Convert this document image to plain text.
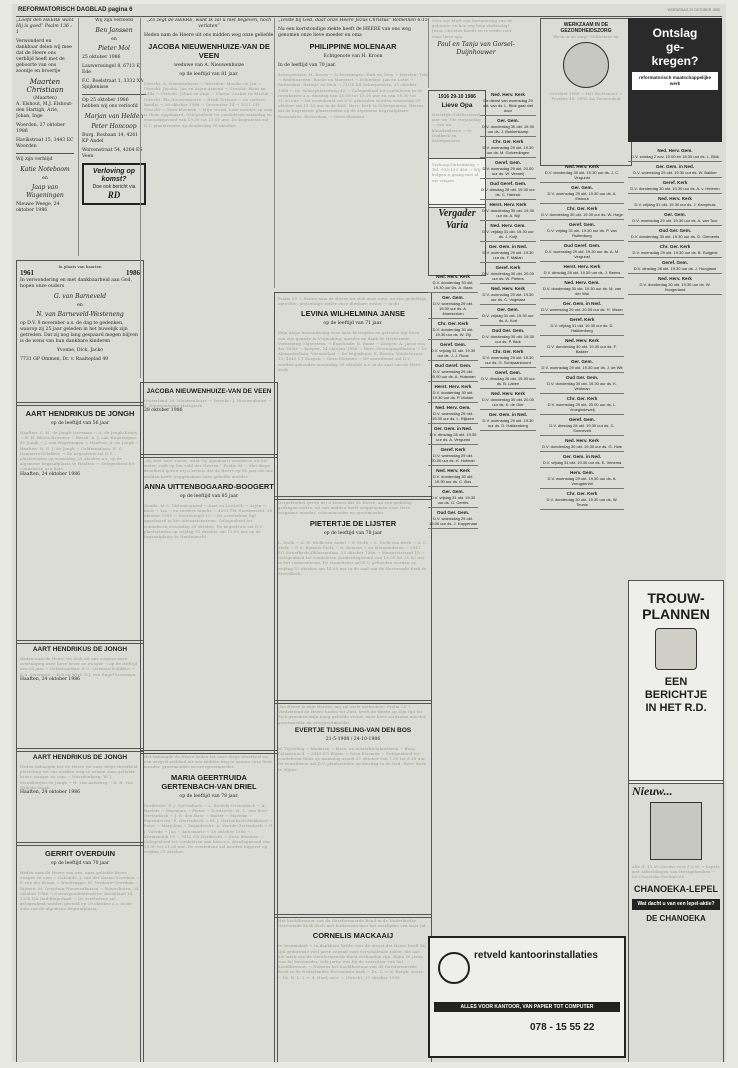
REFORMATORISCH DAGBLAD pagina 6	WOENSDAG 29 OKTOBER 1986

„Loofd den HEERE want Hij is goed” Psalm 136 : 1

Verwonderd en dankbaar delen wij mee dat de Heere ons verblijd heeft met de geboorte van ons zoontje en broertje

Maarten Christiaan
(Maarten)

A. Elshout, M.J. Elshout-den Hartigh, Arie, Johan, Inge

Woerden, 27 oktober 1986

Havikstraat 15, 3443 EC Woerden

Wij zijn verblijd

Katie Noteboom
en
Jaap van Wageningen

Nieuwe Weege, 24 oktober 1986

Wij zijn verloofd

Ben Janssen
en
Pieter Mol

25 oktober 1986

Lauwerssingel 8, 6713 EJ Ede

F.C. Boelstraat 1, 3332 XA Spijkenisse

Op 25 oktober 1986 hebben wij ons verloofd

Marjan van Helden
Peter Honcoop

Burg. Bosbaan 14, 4261 KP Andel

Wolvenstraat 54, 4264 ES Veen

Verloving op komst?
Doe ook bericht via
RD
In plaats van kaarten
1961	1986

In verwondering en met dankbaarheid aan God, hopen onze ouders

G. van Barneveld
en
N. van Barneveld-Westeneng

op D.V. 8 november a.s. de dag te gedenken, waarop zij 25 jaar geleden in het huwelijk zijn getreden. Dat zij nog lang gespaard mogen blijven is de wens van hun dankbare kinderen

Yvonne, Dick, Jacko

7731 GP Ommen, Dr. v. Raalteplad 49

AART HENDRIKUS DE JONGH

op de leeftijd van 56 jaar

Haaften: C. M. de Jongh-Liverman ¬ A. de Jongh-Kruijs ¬ R. H. Bloem-Brouwer ¬ Beesd: A. J. van Wageningen-de Jongh ¬ J. van Wageningen ¬ Haaften: A. de Jongh ¬ Haaften: W. G. J. de Jongh ¬ Geldermalsen: E. G. Dammers-Schiffers ¬ De begrafenis zal D.V. plaatsvinden op woensdag 29 oktober a.s. op de algemene begraafplaats te Haaften ¬ Gelegenheid tot condoleren aan huis.

Haaften, 24 oktober 1986

AART HENDRIKUS DE JONGH
Heden nam de Heere tot Zich uit ons volgens onze overtuiging onze lieve broer en zwager ¬ op de leeftijd van 56 jaar ¬ Geldermalsen: E.G. Liveman-Schiffers ¬ D.A. Liverman ¬ Eck en Wiel: D.J. van Engel-Liverman.

Haaften, 24 oktober 1986

AART HENDRIKUS DE JONGH
Heden behaagde het de Heere tot onze diepe droefheid plotseling wit ons midden weg te nemen onze geliefde broer, zwager en oom ¬ Waardenburg: W. J. Steenbergen-de Jongh ¬ H. van Aalsburg ¬ A. H. van Wijk-de Jongh.

Haaften, 24 oktober 1986

GERRIT OVERDUIN

op de leeftijd van 70 jaar

Heden nam de Heere van ons, onze geliefde broer, zwager en oom ¬ Catsinde: J. van der Kraan-Overduin ¬ P. van der Kraan ¬ Woubrugge: M. Verdouw-Overduin ¬ Rijssen: M. Overduin-Nieuwenhuizen ¬ Voorschoten, 24 oktober 1986 ¬ Correspondentieadres: Broekland 14, 3358 NA Oud-Beijerland ¬ De overledene zal gelegenheid worden gesteld op 29 oktober a.s. in de aula van de algemene begraafplaats.

„Zo zegt de HEERE, want Ik zal u niet begeven, noch verlaten”

Heden nam de Heere uit ons midden weg onze geliefde

JACOBA NIEUWENHUIZE-VAN DE VEEN

weduwe van A. Nieuwenhuize

op de leeftijd van 81 jaar.

Utrecht: A. Nieuwenhuize ¬ Woerden: Maaike en Jan ¬ Utrecht: Jacoba, Jan en Arjen-Arnoud ¬ Utrecht: Wout en Adda ¬ Utrecht: Johan en Anje ¬ Vlaren: Loekie en Martin ¬ Utrecht: Els Nieuwenhuize ¬ Henk Torlouw ¬ en verdere familie ¬ 26 oktober 1986 ¬ Overwater 14 ¬ 3521 CH Utrecht ¬ Geen bloemen ¬ Mijn vrouw, onze moeder en oma is thuis opgebaard. Gelegenheid tot condoleren maandag en woensdagavond van 19.30 tot 21.00 uur. De begrafenis zal D.V. plaatsvinden op donderdag 30 oktober.
JACOBA NIEUWENHUIZE-VAN DE VEEN
Oosterland: M. Nieuwenhuize ¬ Yerseke: J. Nieuwenhuize ¬ T. Nieuwenhuize-Mattijssen

28 oktober 1986

„Zij zeet hare zonen; want Gij openbaart wonderen uit het water; rijdt op het veld des Heeren.” Psalm 98 ¬ Met diepe droefheid geven wij u kennis dat de Heere op 85 jaar uit ons midden heeft weggenomen onze geliefde moeder.
ANNA UITTENBOGAARD-BOOGERT

op de leeftijd van 85 jaar

Gouda: M.C. Uittenbogaard ¬ Aart en Liesbeth ¬ Arjen ¬ Roos ¬ Lia ¬ en verdere familie ¬ 4201 PM Hardinxveld, 26 oktober 1986 ¬ Noordsingel 12 ¬ De overledene ligt opgebaard in het uitvaartcentrum. Gelegenheid tot condoleren woensdag 29 oktober. De begrafenis zal D.V. plaatsvinden op vrijdag 31 oktober om 11.00 uur op de begraafplaats te Hardinxveld.
Het behaagde de Heere heden tot onze diepe droefheid na een zorgvol ziekbed uit ons midden weg te nemen onze lieve moeder, grootmoeder en overgrootmoeder.
MARIA GEERTRUIDA GERTENBACH-VAN DRIEL

op de leeftijd van 78 jaar.

Dordrecht: P. J. Gertenbach ¬ L. Roelofs-Gertenbach ¬ A. Roelofs ¬ Marianne ¬ Pieter ¬ Dordrecht: M. C. den Boer-Gertenbach ¬ J. G. den Boer ¬ Walter ¬ Marieke ¬ Papendrecht: E. Gertenbach ¬ M. J. Gertenbach-Makkinen ¬ Peter ¬ Marjolein ¬ Zwijndrecht: A. Voerde-Gertenbach ¬ H. J. Voerde ¬ Jan ¬ Annemarie ¬ 26 oktober 1986 ¬ Kromandijk 19 ¬ 3312 CD Dordrecht ¬ Geen bloemen ¬ Gelegenheid tot condoleren aan huis a.s. dinsdagavond van 19.30 tot 21.00 uur. De overledene zal worden bijgezet op vrijdag 31 oktober.

„Tevde bij God, daar onze Heere Jezus Christus” Romeinen 6:15

Na een kortstondige ziekte heeft de HEERE van ons weg genomen onze lieve moeder en oma

PHILIPPINE MOLENAAR

Echtgenote van H. Kroon

In de leeftijd van 70 jaar.

Scherpenisse: H. Kroon ¬ Scheveningen: Dirk en Trea ¬ Heerlen: Tom ¬ Waddinxveen: Roelie en Margriet ¬ Schiedam: Jan en Lotte ¬ Rotterdam: Heintje en Dick ¬ 21/26 XX Scherpenisse, 25 oktober 1986 ¬ Dr. Scherpenisseweg 40 ¬ Gelegenheid tot condoleren in de rouwkamer a.s. dinsdag van 14.00 tot 15.00 uur en van 19.30 tot 21.00 uur ¬ De rouwdienst zal D.V. gehouden worden woensdag 29 oktober om 13.30 uur in de Ned. Herv. Kerk te Scherpenisse. Hierna zal de begrafenis plaatsvinden op de algemene begraafplaats. Rouwadres: Rotterdam. ¬ Geen bloemen.
Psalm 50 ¬ Heden nam de Heere tot zich onze enig, na een geduldige, oprechte, plotselinge ziekte onze dierbare zuster ¬ nicht
LEVINA WILHELMINA JANSE

op de leeftijd van 71 jaar.

Mijn diepe bewondering voor haar bestrijden en getrouw ligt heen van zijn genade in Vrijmaking, moeder en dank de Hervormde Vereniging Ulgeestein. ¬ Baarlonde: R. Bame ¬ Koepen: A. Janse-van der Velde ¬ Koepen, 24 oktober 1986 ¬ Herv. Verenigingshuizen ¬ Dr. Alexanderlaan, Veenendaal ¬ De begrafenis: E. Bester, Vondelstraat 15, 4840 CT Koepen ¬ Geen bloemen ¬ De rouwdienst zal D.V. worden gehouden woensdag 29 oktober a.s. in de zaal van de Herv. Kerk.
Dorpelverkel geven wij u kennis dat de Heere, na een geduldig gedragen ziekte, uit ons midden heeft weggenomen onze lieve zorgzame moeder, schoonmoeder en grootmoeder
PIETERTJE DE LIJSTER

op de leeftijd van 78 jaar

L. Stolk ¬ A. H. Stolk-van Andel ¬ P. Stolk ¬ L. Stolk-van Beek ¬ A. C. Stolk ¬ P. A. Romein-Stolk ¬ N. Romein ¬ en kleinkinderen ¬ 2941 EG Streefkerk-Alblasserdam, 25 oktober 1986 ¬ Margrietstraat 10 ¬ Gelegenheid tot condoleren donderdagavond van 19.00 tot 21.00 uur in het rouwcentrum. De rouwdienst zal D.V. gehouden worden op vrijdag 31 oktober om 14.00 uur in de zaal van de Hervormde Kerk te Streefkerk.
„De Heere is mijn Herder, mij zal niets ontbreken” Psalm 23 ¬ Verdrietend de Heere heden tot Zich, heeft de Heere op Zijn tijd tot Zich genomen mijn innig geliefde vrouw, onze lieve zorgzame moeder, grootmoeder en overgrootmoeder
EVERTJE TIJSSELING-VAN DEN BOS

21-5-1908 / 24-10-1986

W. Tijsseling ¬ kinderen ¬ klein- en achterkleinkinderen ¬ Burg. Palmstraat 4 ¬ 3849 EG Wijnis ¬ Geen bloemen ¬ Gelegenheid tot condoleren thuis op maandag avond 27 oktober van 7.30 tot 8.30 uur. De rouwdienst zal D.V. plaatsvinden op dinsdag in de Ned. Herv. Kerk te Wijnis.
Het hoofdbestuur van de Gereformeerde Bond in de Nederlandse Hervormde Kerk deelt met leedwezen mee het overlijden van haar lid
CORNELIS MACKAAIJ
te Veenendaal ¬ In dankbare liefde voor de dienst die Heere heeft bij tijd gedurende veel jaren zegend voor verschillende taken, die aan het werk van de Gereformeerde Bond verbonden zijn. Bijna 20 jaren was hij bestuurder, vele jaren was hij de voorzitter van het hoofdbestuur. ¬ Namens het hoofdbestuur van de Gereformeerde Bond in de Nederlandse Hervormde Kerk ¬ Ds. C. v. d. Bergh, voorz. ¬ Ds. R. L. I. v. d. Hoef, secr. ¬ Utrecht, 27 oktober 1986
Voor ons blijft een herinnering van de geboorte en hoe erg hem verkondigt Jezus Christus Kondt en is vrede voor onze lieve opa
Paul en Tanja van Gorsel-Duijnhouwer
1916 29-10 1986
Lieve Opa
Hartelijk Gefeliciteerd met uw 70e verjaardag ¬ van uw kleinkinderen ¬ te Oudkerk en Scherpenisse
Verkoop/Ontruiming ¬ Tel. 030-123 456 ¬ Wij helpen u graag met al uw vragen
Vergader
Varia
Ned. Herv. Kerk
D.V. donderdag 30 okt. 19.30 uur Ds. A. Baas
Ger. Gem.
D.V. woensdag 29 okt. 19.30 uur ds. A. Moerkerken
Chr. Ger. Kerk
D.V. donderdag 30 okt. 19.30 uur ds. W. Zijl
Geref. Gem.
D.V. vrijdag 31 okt. 19.30 uur ds. J. J. Roos
Oud Geref. Gem.
D.V. woensdag 29 okt. 20.00 uur ds. A. Huisman
Herst. Herv. Kerk
D.V. donderdag 30 okt. 19.30 uur ds. P. Mulder
Ned. Herv. Gem.
D.V. woensdag 29 okt. 19.30 uur ds. L. Rijksen
Ger. Gem. in Ned.
D.V. dinsdag 28 okt. 19.30 uur ds. A. Vergunst
Geref. Kerk
D.V. woensdag 29 okt. 20.00 uur ds. H. Hofman
Ned. Herv. Kerk
D.V. donderdag 30 okt. 19.30 uur ds. C. Bos
Ger. Gem.
D.V. vrijdag 31 okt. 19.30 uur ds. G. Gerrits
Oud Ger. Gem.
D.V. woensdag 29 okt. 19.30 uur ds. J. Koppenaal
Ned. Herv. Kerk
De dienst van woensdag 29 okt. van ds. L. Blok gaat niet door
Ger. Gem.
D.V. donderdag 30 okt. 19.30 uur ds. J. Bokkenkamp
Chr. Ger. Kerk
D.V. woensdag 29 okt. 19.30 uur ds. M. Golverdingen
Geref. Gem.
D.V. woensdag 29 okt. 20.00 uur ds. W. Verweij
Oud Geref. Gem.
D.V. dinsdag 28 okt. 19.30 uur ds. C. Harinck
Herst. Herv. Kerk
D.V. donderdag 30 okt. 19.30 uur ds. A. Bijl
Ned. Herv. Gem.
D.V. vrijdag 31 okt. 19.30 uur ds. J. Kuijt
Ger. Gem. in Ned.
D.V. woensdag 29 okt. 19.30 uur ds. F. Mallan
Geref. Kerk
D.V. donderdag 30 okt. 20.00 uur ds. W. Pieters
Ned. Herv. Kerk
D.V. woensdag 29 okt. 19.30 uur ds. C. Vogelaar
Ger. Gem.
D.V. vrijdag 31 okt. 19.30 uur ds. A. Kort
Oud Ger. Gem.
D.V. donderdag 30 okt. 19.30 uur ds. P. Blok
Chr. Ger. Kerk
D.V. woensdag 29 okt. 19.30 uur ds. G. Schipaanboord
Geref. Gem.
D.V. dinsdag 28 okt. 19.30 uur ds. B. Labee
Ned. Herv. Kerk
D.V. donderdag 30 okt. 20.00 uur ds. K. de Gier
Ger. Gem. in Ned.
D.V. woensdag 29 okt. 19.30 uur ds. D. Hakkenberg
WERKZAAM IN DE GEZONDHEIDSZORG
Werk in de zorg? Solliciteer en
Overleef 1986 ¬ Het Richtsnoer ¬ Postbus 48, 3900 AA Veenendaal
Ned. Herv. Kerk
D.V. donderdag 30 okt. 19.30 uur ds. J. C. Vergunst
Ger. Gem.
D.V. woensdag 29 okt. 19.30 uur ds. A. Elshout
Chr. Ger. Kerk
D.V. donderdag 30 okt. 19.30 uur ds. W. Hage
Geref. Gem.
D.V. vrijdag 31 okt. 19.30 uur ds. P. van Ruitenburg
Oud Geref. Gem.
D.V. woensdag 29 okt. 19.30 uur ds. A. M. Vergunst
Herst. Herv. Kerk
D.V. dinsdag 28 okt. 19.30 uur ds. J. Beens
Ned. Herv. Gem.
D.V. donderdag 30 okt. 19.30 uur ds. M. van der Wal
Ger. Gem. in Ned.
D.V. woensdag 29 okt. 20.00 uur ds. H. Visser
Geref. Kerk
D.V. vrijdag 31 okt. 19.30 uur ds. D. Hakkenberg
Ned. Herv. Kerk
D.V. donderdag 30 okt. 19.30 uur ds. F. Bakker
Ger. Gem.
D.V. woensdag 29 okt. 19.30 uur ds. J. de Wit
Oud Ger. Gem.
D.V. donderdag 30 okt. 19.30 uur ds. K. Veldman
Chr. Ger. Kerk
D.V. woensdag 29 okt. 20.00 uur ds. L. Vroegindeweij
Geref. Gem.
D.V. dinsdag 28 okt. 19.30 uur ds. C. Sonnevelt
Ned. Herv. Kerk
D.V. donderdag 30 okt. 19.30 uur ds. G. Huls
Ger. Gem. in Ned.
D.V. vrijdag 31 okt. 19.30 uur ds. E. Venema
Herv. Gem.
D.V. woensdag 29 okt. 19.30 uur ds. A. Vreugdenhil
Chr. Ger. Kerk
D.V. donderdag 30 okt. 19.30 uur ds. W. Teunis
Ontslag
ge-
kregen?
reformatorisch maatschappelijke werk
Ned. Herv. Gem.
D.V. zondag 2 nov. 10.00 en 18.30 uur ds. L. Blok
Ger. Gem. in Ned.
D.V. woensdag 29 okt. 19.30 uur ds. W. Bakker
Geref. Kerk
D.V. donderdag 30 okt. 19.30 uur ds. A. v. Heteren
Ned. Herv. Kerk
D.V. vrijdag 31 okt. 19.30 uur ds. J. Kamphuis
Ger. Gem.
D.V. woensdag 29 okt. 19.30 uur ds. A. van Toor
Oud Ger. Gem.
D.V. donderdag 30 okt. 19.30 uur ds. G. Clements
Chr. Ger. Kerk
D.V. woensdag 29 okt. 19.30 uur ds. B. Ruijgrok
Geref. Gem.
D.V. dinsdag 28 okt. 19.30 uur ds. J. Hoogland
Ned. Herv. Kerk
D.V. donderdag 30 okt. 19.30 uur ds. W. Hoogerland
TROUW-
PLANNEN
EEN
BERICHTJE
IN HET R.D.
Nieuw...
Alle d. 12,50 slechts voor ƒ 9,95 ¬ Lepels met afbeeldingen van feestgebruiken ¬ De Chanoeka Postbus 65
CHANOEKA-LEPEL
Wat dacht u van een lepel-aktie?
DE CHANOEKA
retveld kantoorinstallaties
ALLES VOOR KANTOOR, VAN PAPIER TOT COMPUTER
078 - 15 55 22
